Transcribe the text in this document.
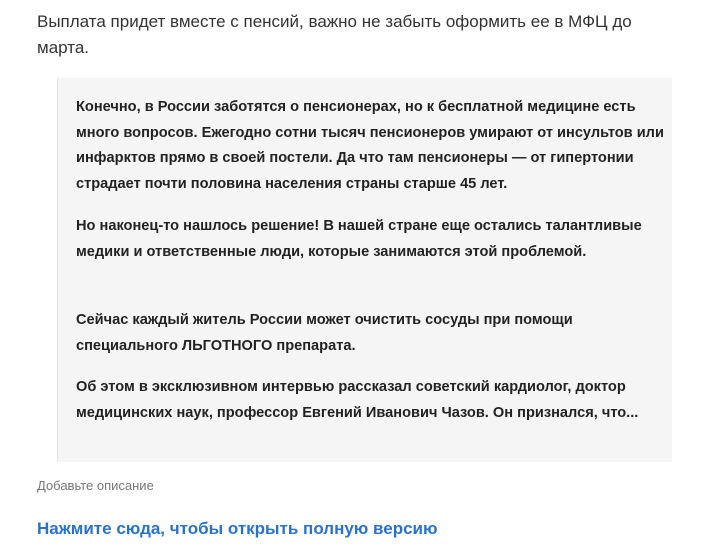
Выплата придет вместе с пенсий, важно не забыть оформить ее в МФЦ до марта.

Конечно, в России заботятся о пенсионерах, но к бесплатной медицине есть много вопросов. Ежегодно сотни тысяч пенсионеров умирают от инсультов или инфарктов прямо в своей постели. Да что там пенсионеры — от гипертонии страдает почти половина населения страны старше 45 лет.

Но наконец-то нашлось решение! В нашей стране еще остались талантливые медики и ответственные люди, которые занимаются этой проблемой.

Сейчас каждый житель России может очистить сосуды при помощи специального ЛЬГОТНОГО препарата.

Об этом в эксклюзивном интервью рассказал советский кардиолог, доктор медицинских наук, профессор Евгений Иванович Чазов. Он признался, что...

Добавьте описание

Нажмите сюда, чтобы открыть полную версию
